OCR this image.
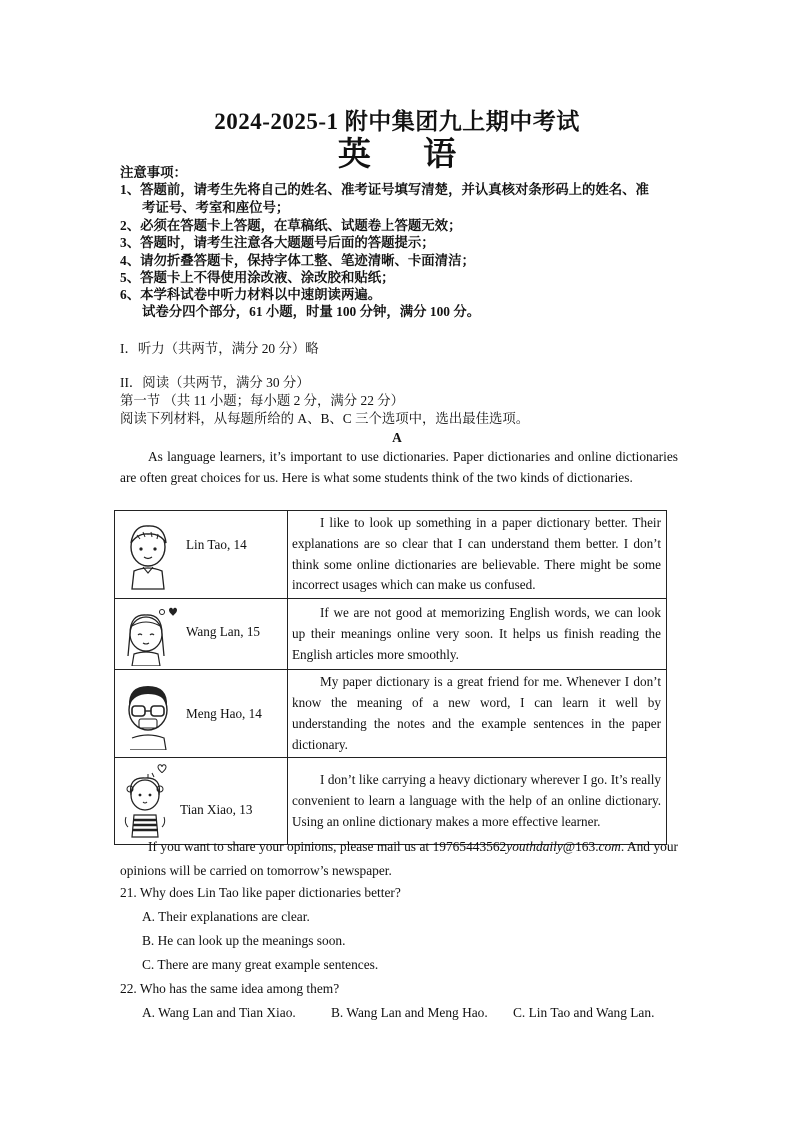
2024-2025-1 附中集团九上期中考试
英 语
注意事项：
1、答题前，请考生先将自己的姓名、准考证号填写清楚，并认真核对条形码上的姓名、准
考证号、考室和座位号；
2、必须在答题卡上答题，在草稿纸、试题卷上答题无效；
3、答题时，请考生注意各大题题号后面的答题提示；
4、请勿折叠答题卡，保持字体工整、笔迹清晰、卡面清洁；
5、答题卡上不得使用涂改液、涂改胶和贴纸；
6、本学科试卷中听力材料以中速朗读两遍。
试卷分四个部分，61 小题，时量 100 分钟，满分 100 分。
I．听力（共两节，满分 20 分）略
II．阅读（共两节，满分 30 分）
第一节 （共 11 小题；每小题 2 分，满分 22 分）
阅读下列材料，从每题所给的 A、B、C 三个选项中，选出最佳选项。
A

As language learners, it’s important to use dictionaries. Paper dictionaries and online dictionaries are often great choices for us. Here is what some students think of the two kinds of dictionaries.

Lin Tao, 14	I like to look up something in a paper dictionary better. Their explanations are so clear that I can understand them better. I don’t think some online dictionaries are believable. There might be some incorrect usages which can make us confused.

Wang Lan, 15	If we are not good at memorizing English words, we can look up their meanings online very soon. It helps us finish reading the English articles more smoothly.

Meng Hao, 14	My paper dictionary is a great friend for me. Whenever I don’t know the meaning of a new word, I can learn it well by understanding the notes and the example sentences in the paper dictionary.

Tian Xiao, 13	I don’t like carrying a heavy dictionary wherever I go. It’s really convenient to learn a language with the help of an online dictionary. Using an online dictionary makes a more effective learner.

If you want to share your opinions, please mail us at 19765443562youthdaily@163.com. And your opinions will be carried on tomorrow’s newspaper.

21. Why does Lin Tao like paper dictionaries better?
A. Their explanations are clear.
B. He can look up the meanings soon.
C. There are many great example sentences.
22. Who has the same idea among them?
A. Wang Lan and Tian Xiao.	B. Wang Lan and Meng Hao. C. Lin Tao and Wang Lan.
